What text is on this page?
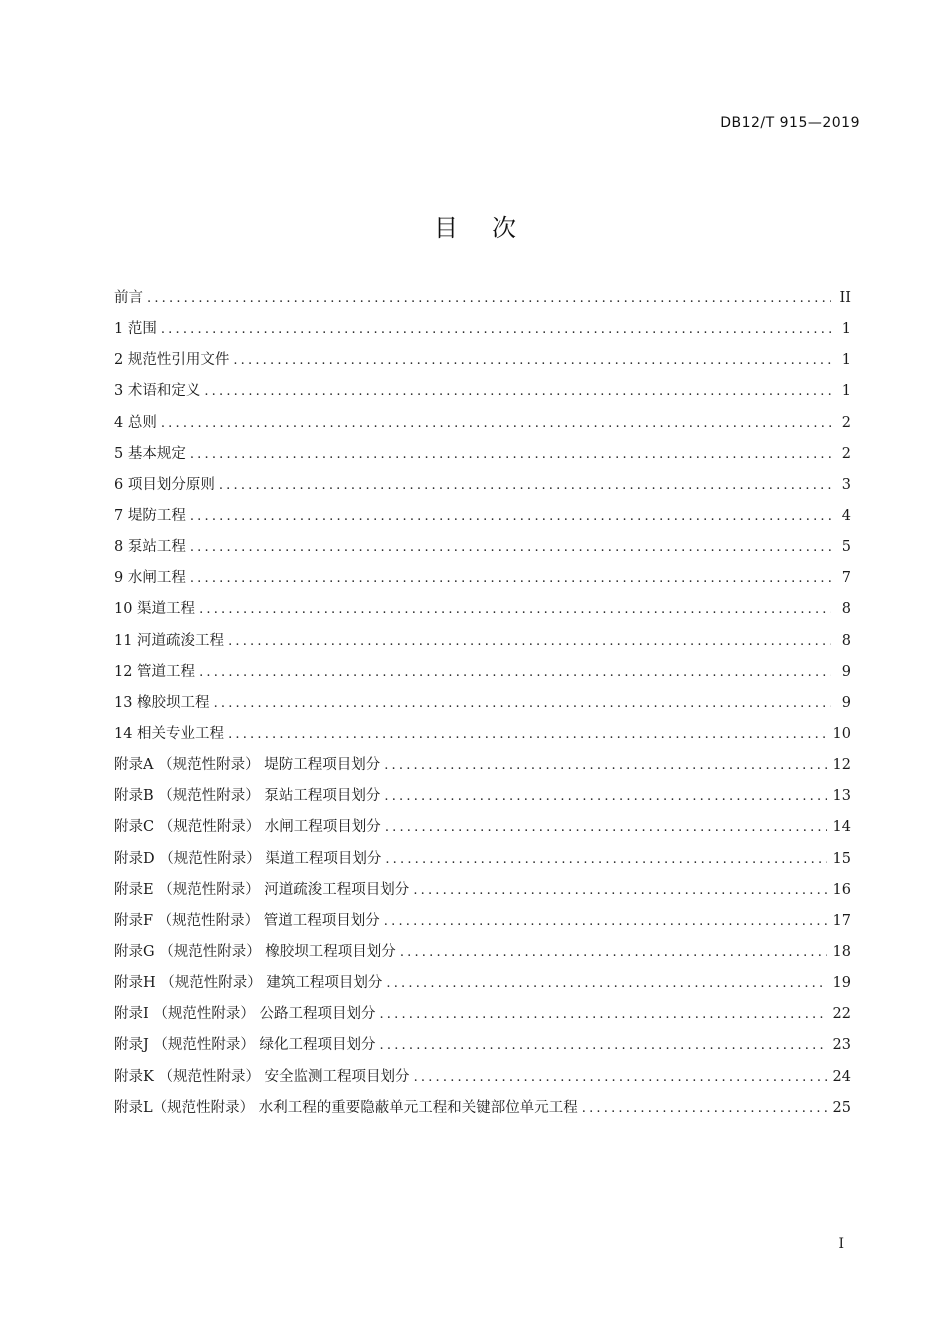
DB12/T 915—2019
目次
前言 .....	II
1 范围 .....	1
2 规范性引用文件 .....	1
3 术语和定义 .....	1
4 总则 .....	2
5 基本规定 .....	2
6 项目划分原则 .....	3
7 堤防工程 .....	4
8 泵站工程 .....	5
9 水闸工程 .....	7
10 渠道工程 .....	8
11 河道疏浚工程 .....	8
12 管道工程 .....	9
13 橡胶坝工程 .....	9
14 相关专业工程 .....	10
附录A （规范性附录） 堤防工程项目划分 .....	12
附录B （规范性附录） 泵站工程项目划分 .....	13
附录C （规范性附录） 水闸工程项目划分 .....	14
附录D （规范性附录） 渠道工程项目划分 .....	15
附录E （规范性附录） 河道疏浚工程项目划分 .....	16
附录F （规范性附录） 管道工程项目划分 .....	17
附录G （规范性附录） 橡胶坝工程项目划分 .....	18
附录H （规范性附录） 建筑工程项目划分 .....	19
附录I （规范性附录） 公路工程项目划分 .....	22
附录J （规范性附录） 绿化工程项目划分 .....	23
附录K （规范性附录） 安全监测工程项目划分 .....	24
附录L（规范性附录） 水利工程的重要隐蔽单元工程和关键部位单元工程 .....	25
I
